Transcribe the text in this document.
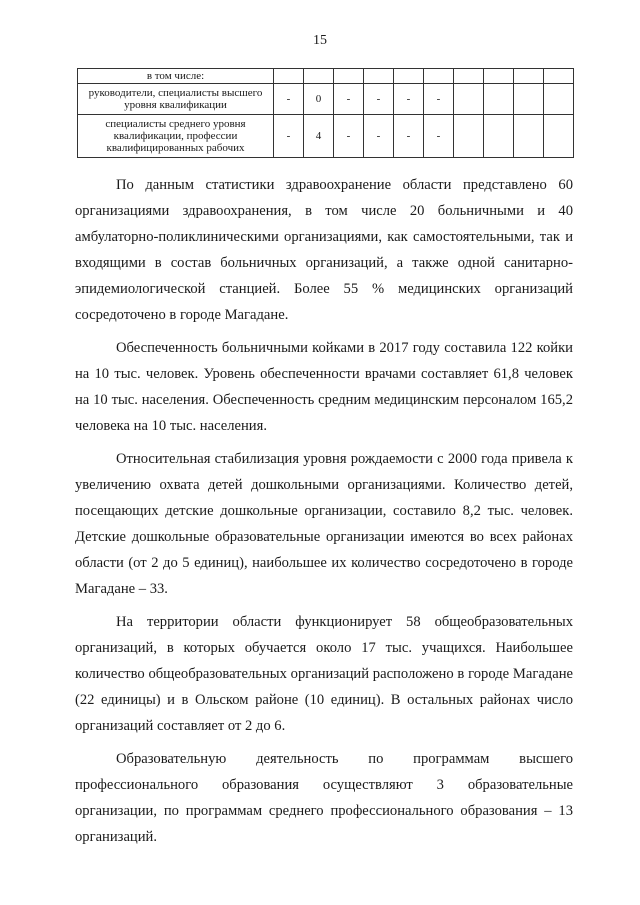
15
в том числе:										
руководители, специалисты высшего уровня квалификации	-	0	-	-	-	-				
специалисты среднего уровня квалификации, профессии квалифицированных рабочих	-	4	-	-	-	-				

По данным статистики здравоохранение области представлено 60 организациями здравоохранения, в том числе 20 больничными и 40 амбулаторно-поликлиническими организациями, как самостоятельными, так и входящими в состав больничных организаций, а также одной санитарно-эпидемиологической станцией. Более 55 % медицинских организаций сосредоточено в городе Магадане.

Обеспеченность больничными койками в 2017 году составила 122 койки на 10 тыс. человек. Уровень обеспеченности врачами составляет 61,8 человек на 10 тыс. населения. Обеспеченность средним медицинским персоналом 165,2 человека на 10 тыс. населения.

Относительная стабилизация уровня рождаемости с 2000 года привела к увеличению охвата детей дошкольными организациями. Количество детей, посещающих детские дошкольные организации, составило 8,2 тыс. человек. Детские дошкольные образовательные организации имеются во всех районах области (от 2 до 5 единиц), наибольшее их количество сосредоточено в городе Магадане – 33.

На территории области функционирует 58 общеобразовательных организаций, в которых обучается около 17 тыс. учащихся. Наибольшее количество общеобразовательных организаций расположено в городе Магадане (22 единицы) и в Ольском районе (10 единиц). В остальных районах число организаций составляет от 2 до 6.

Образовательную деятельность по программам высшего профессионального образования осуществляют 3 образовательные организации, по программам среднего профессионального образования – 13 организаций.
